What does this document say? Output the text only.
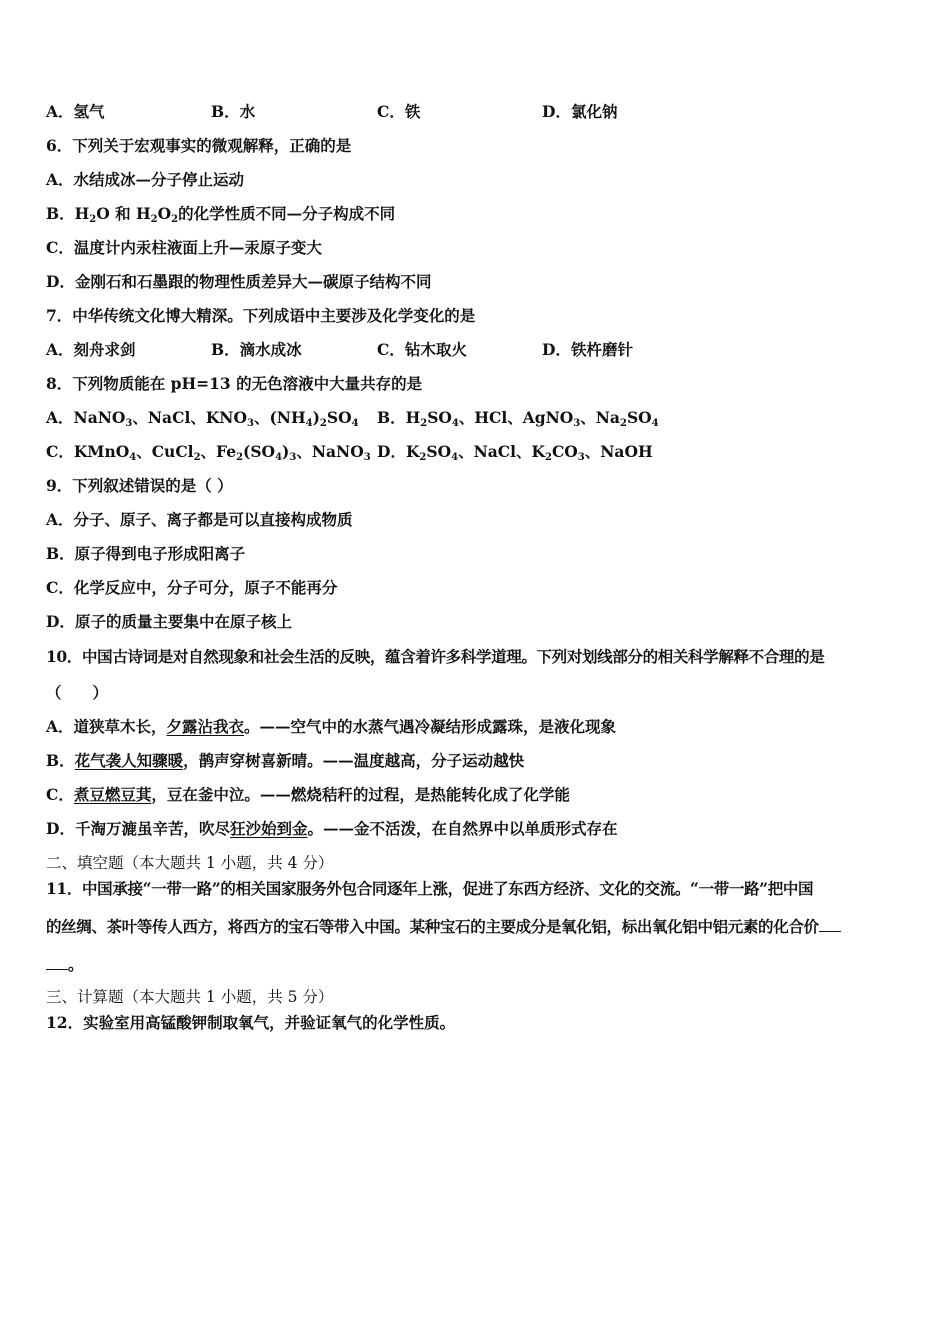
A．氢气	B．水	C．铁	D．氯化钠
6．下列关于宏观事实的微观解释，正确的是
A．水结成冰—分子停止运动
B．$H_2O$ 和 $H_2O_2$的化学性质不同—分子构成不同
C．温度计内汞柱液面上升—汞原子变大
D．金刚石和石墨跟的物理性质差异大—碳原子结构不同
7．中华传统文化博大精深。下列成语中主要涉及化学变化的是
A．刻舟求剑	B．滴水成冰	C．钻木取火	D．铁杵磨针
8．下列物质能在 pH=13 的无色溶液中大量共存的是
A．NaNO$_3$、NaCl、$KNO_3$、$(NH_4)_2SO_4$ B．$H_2SO_4$、HCl、AgNO$_3$、$Na_2SO_4$
C．KMnO$_4$、CuCl$_2$、$Fe_2(SO_4)_3$、NaNO$_3$ D．$K_2SO_4$、NaCl、$K_2CO_3$、NaOH
9．下列叙述错误的是（ ）
A．分子、原子、离子都是可以直接构成物质
B．原子得到电子形成阳离子
C．化学反应中，分子可分，原子不能再分
D．原子的质量主要集中在原子核上
10．中国古诗词是对自然现象和社会生活的反映，蕴含着许多科学道理。下列对划线部分的相关科学解释不合理的是
（　　）
A．道狭草木长，夕露沾我衣。——空气中的水蒸气遇冷凝结形成露珠，是液化现象
B．花气袭人知骤暖，鹊声穿树喜新晴。——温度越高，分子运动越快
C．煮豆燃豆萁，豆在釜中泣。——燃烧秸秆的过程，是热能转化成了化学能
D．千淘万漉虽辛苦，吹尽狂沙始到金。——金不活泼，在自然界中以单质形式存在
二、填空题（本大题共 1 小题，共 4 分）
11．中国承接“一带一路”的相关国家服务外包合同逐年上涨，促进了东西方经济、文化的交流。“一带一路”把中国
的丝绸、茶叶等传人西方，将西方的宝石等带入中国。某种宝石的主要成分是氧化铝，标出氧化铝中铝元素的化合价
。
三、计算题（本大题共 1 小题，共 5 分）
12．实验室用高锰酸钾制取氧气，并验证氧气的化学性质。
